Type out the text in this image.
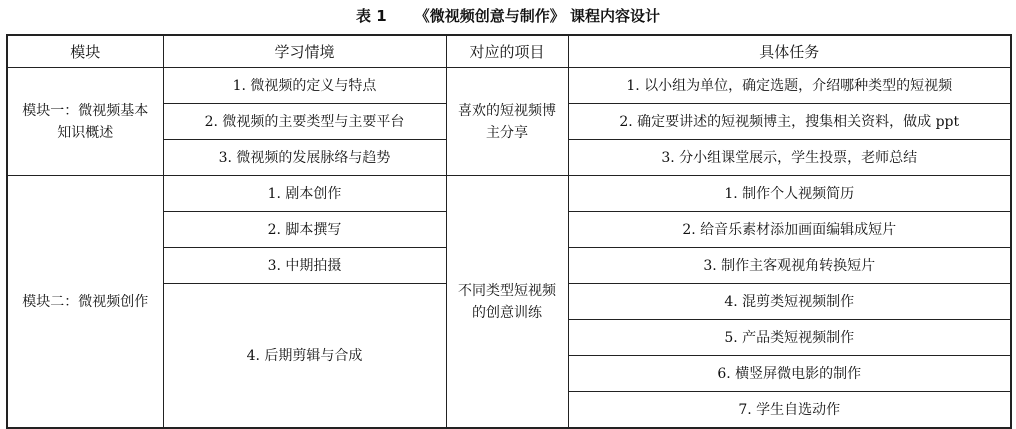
表 1 《微视频创意与制作》 课程内容设计
模块	学习情境	对应的项目	具体任务
模块一：微视频基本知识概述	1. 微视频的定义与特点	喜欢的短视频博主分享	1. 以小组为单位，确定选题，介绍哪种类型的短视频
	2. 微视频的主要类型与主要平台		2. 确定要讲述的短视频博主，搜集相关资料，做成 ppt
	3. 微视频的发展脉络与趋势		3. 分小组课堂展示，学生投票，老师总结
模块二：微视频创作	1. 剧本创作	不同类型短视频的创意训练	1. 制作个人视频简历
	2. 脚本撰写		2. 给音乐素材添加画面编辑成短片
	3. 中期拍摄		3. 制作主客观视角转换短片
	4. 后期剪辑与合成		4. 混剪类短视频制作
			5. 产品类短视频制作
			6. 横竖屏微电影的制作
			7. 学生自选动作
